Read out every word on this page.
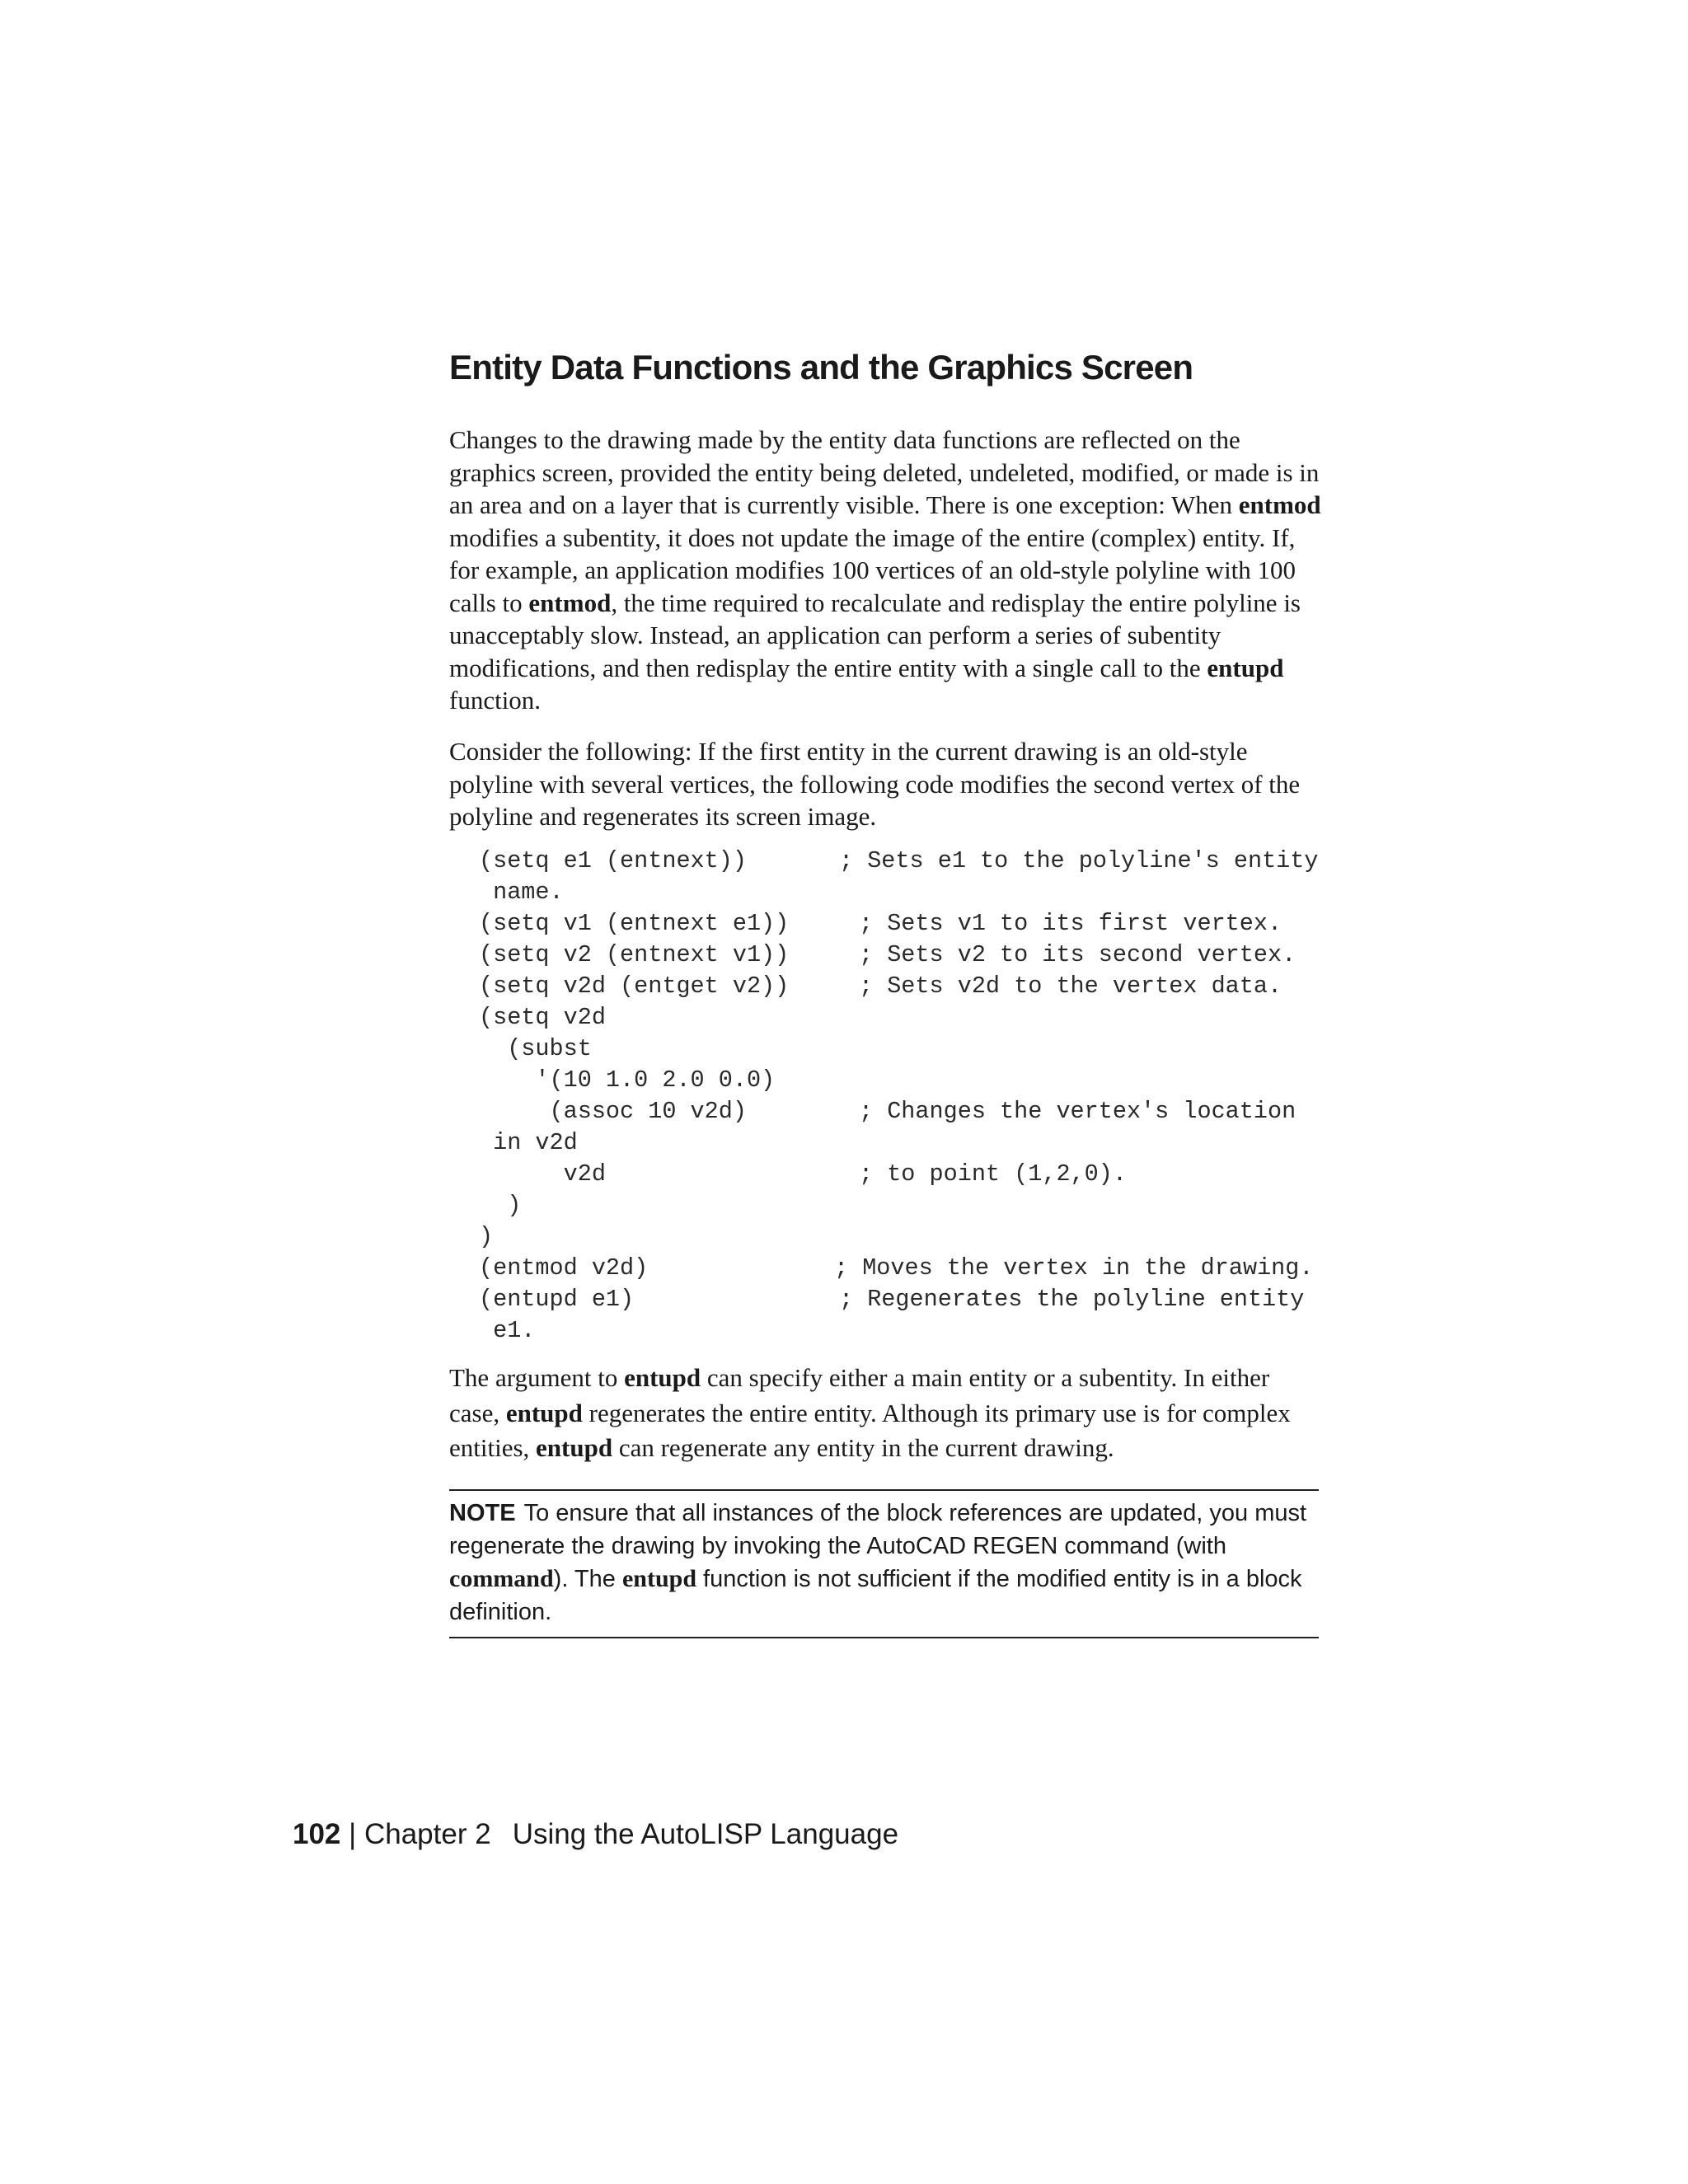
Entity Data Functions and the Graphics Screen

Changes to the drawing made by the entity data functions are reflected on the graphics screen, provided the entity being deleted, undeleted, modified, or made is in an area and on a layer that is currently visible. There is one exception: When entmod modifies a subentity, it does not update the image of the entire (complex) entity. If, for example, an application modifies 100 vertices of an old-style polyline with 100 calls to entmod, the time required to recalculate and redisplay the entire polyline is unacceptably slow. Instead, an application can perform a series of subentity modifications, and then redisplay the entire entity with a single call to the entupd function.

Consider the following: If the first entity in the current drawing is an old-style polyline with several vertices, the following code modifies the second vertex of the polyline and regenerates its screen image.

(setq e1 (entnext))	; Sets e1 to the polyline's entity
name.
(setq v1 (entnext e1))	; Sets v1 to its first vertex.
(setq v2 (entnext v1))	; Sets v2 to its second vertex.
(setq v2d (entget v2))	; Sets v2d to the vertex data.
(setq v2d
(subst
'(10 1.0 2.0 0.0)
(assoc 10 v2d)	; Changes the vertex's location
in v2d
v2d	; to point (1,2,0).
)
)
(entmod v2d)	; Moves the vertex in the drawing.
(entupd e1)	; Regenerates the polyline entity
e1.

The argument to entupd can specify either a main entity or a subentity. In either case, entupd regenerates the entire entity. Although its primary use is for complex entities, entupd can regenerate any entity in the current drawing.

NOTE To ensure that all instances of the block references are updated, you must regenerate the drawing by invoking the AutoCAD REGEN command (with command). The entupd function is not sufficient if the modified entity is in a block definition.
102 | Chapter 2 Using the AutoLISP Language
